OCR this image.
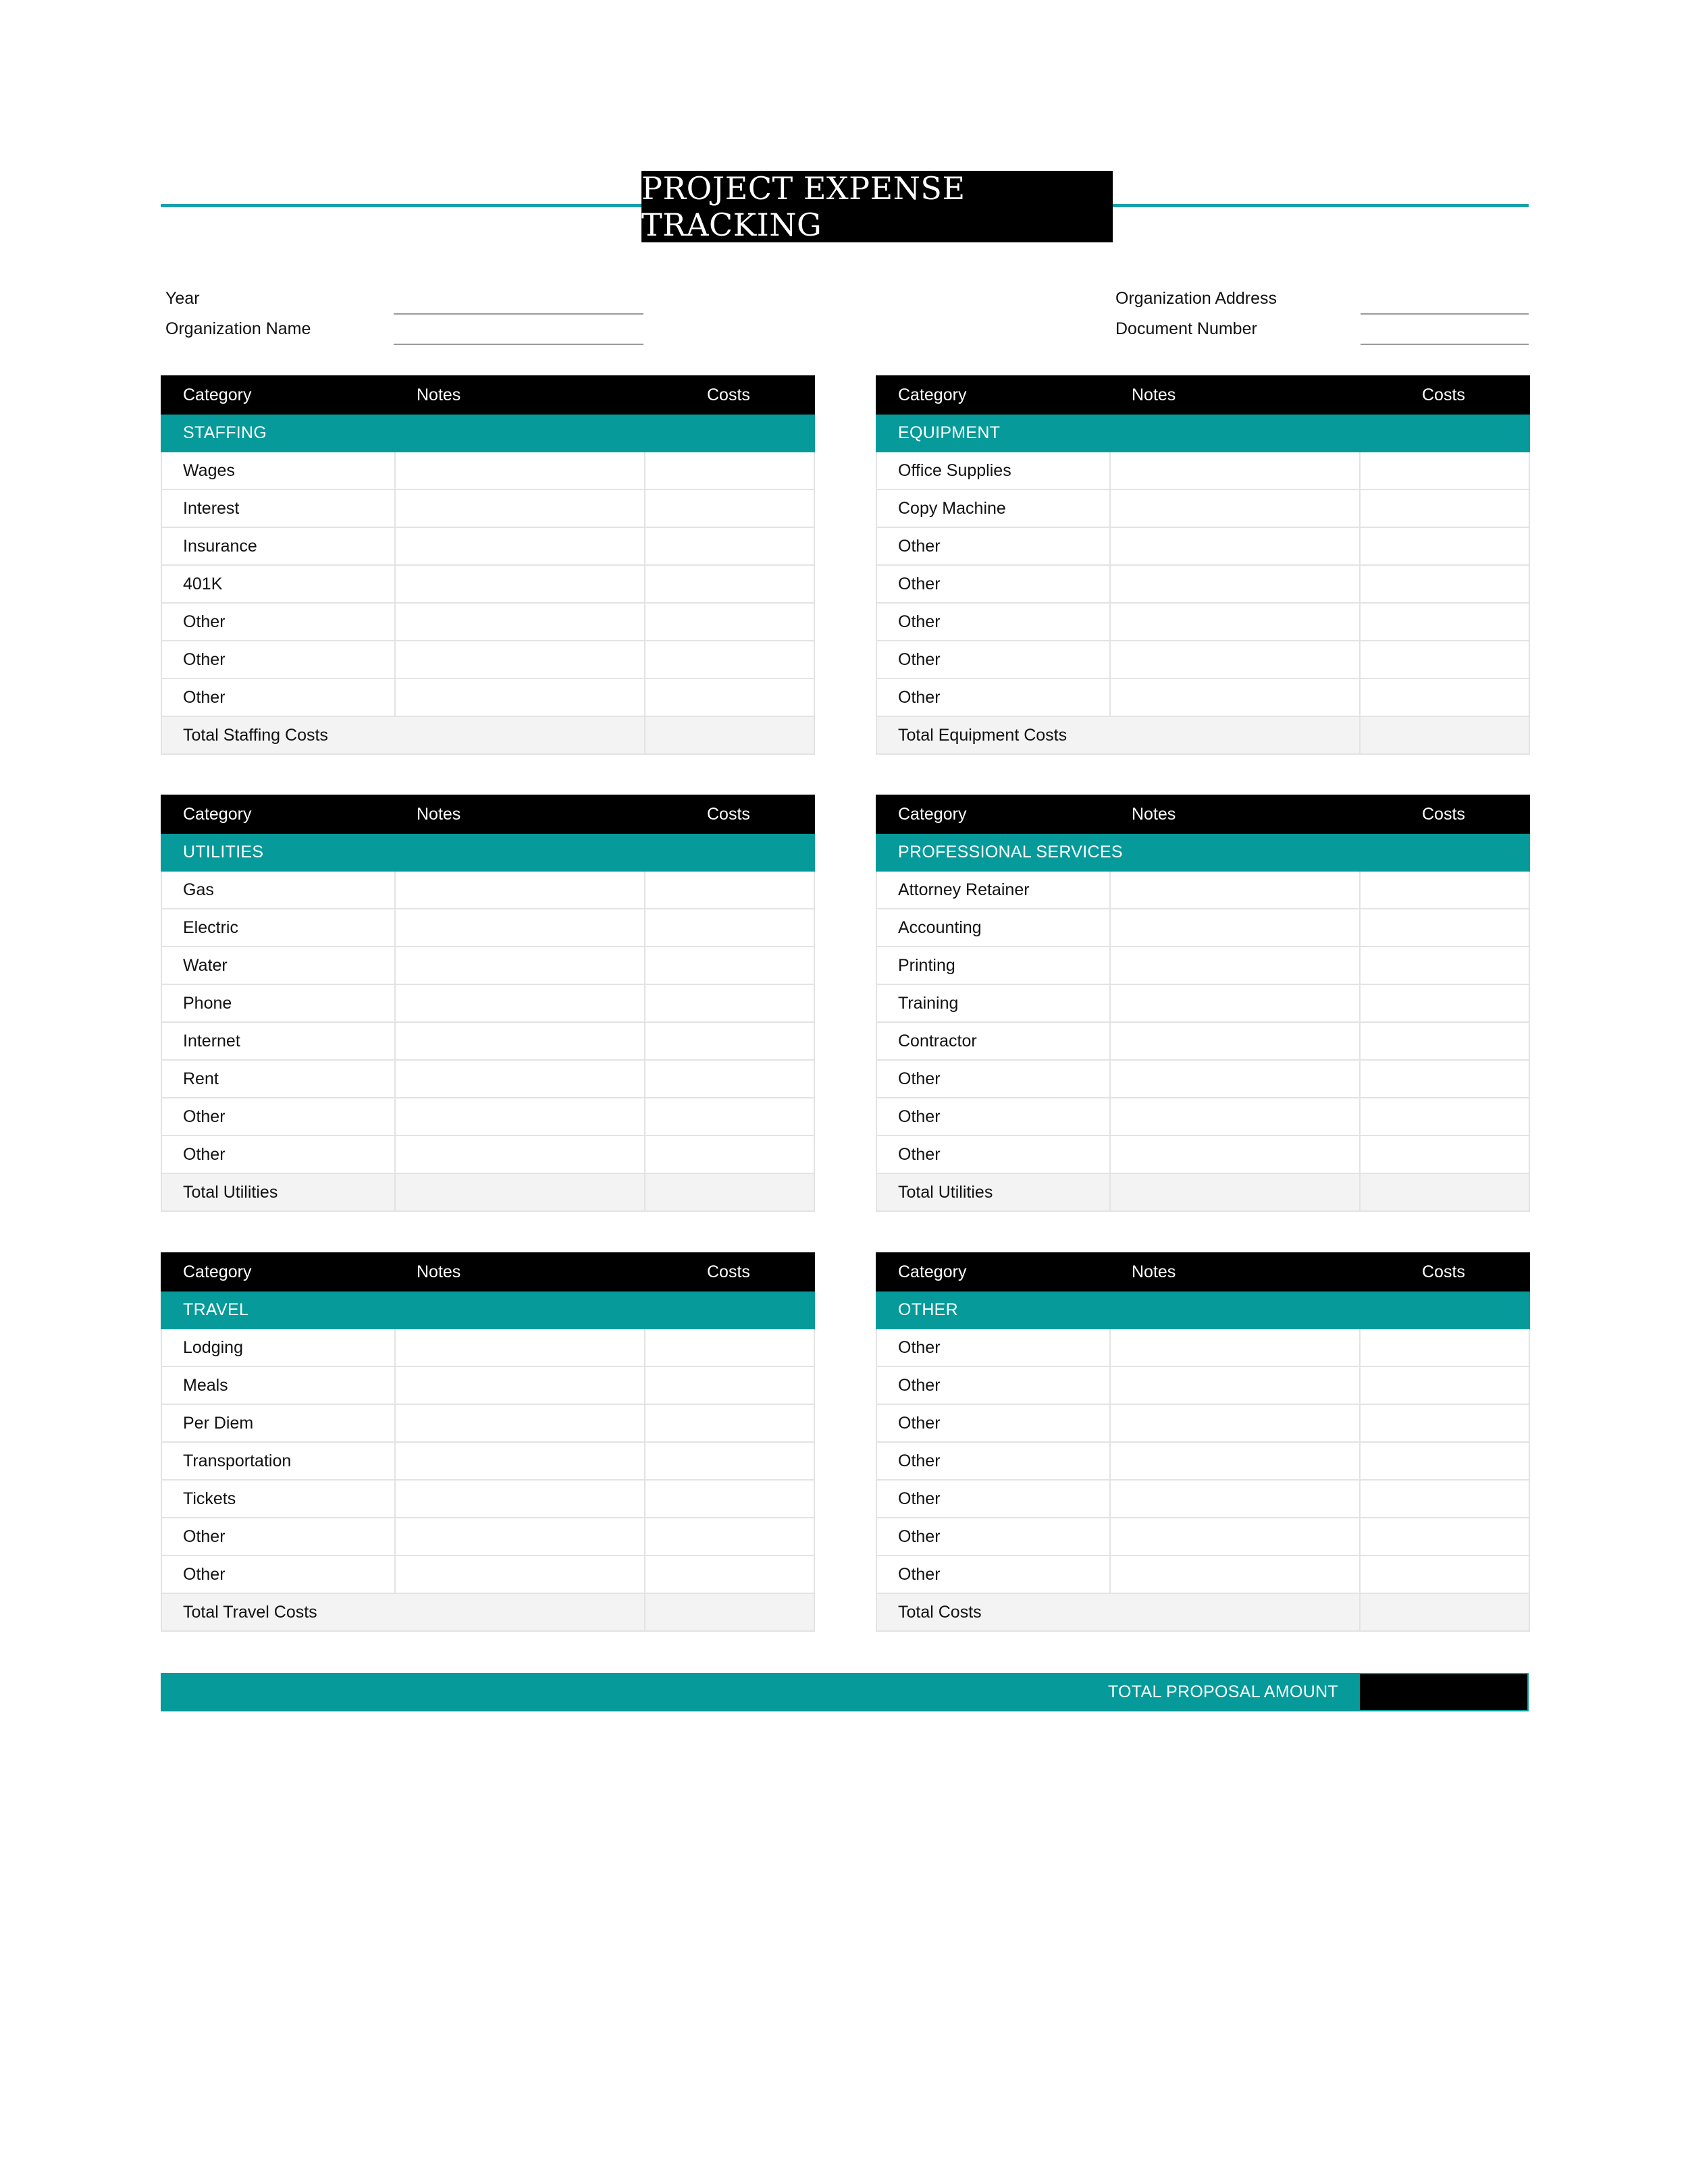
PROJECT EXPENSE TRACKING
Year
Organization Name
Organization Address
Document Number
Category	Notes	Costs
STAFFING		
Wages		
Interest		
Insurance		
401K		
Other		
Other		
Other		
Total Staffing Costs		
Category	Notes	Costs
EQUIPMENT		
Office Supplies		
Copy Machine		
Other		
Other		
Other		
Other		
Other		
Total Equipment Costs		
Category	Notes	Costs
UTILITIES		
Gas		
Electric		
Water		
Phone		
Internet		
Rent		
Other		
Other		
Total Utilities		
Category	Notes	Costs
PROFESSIONAL SERVICES		
Attorney Retainer		
Accounting		
Printing		
Training		
Contractor		
Other		
Other		
Other		
Total Utilities		
Category	Notes	Costs
TRAVEL		
Lodging		
Meals		
Per Diem		
Transportation		
Tickets		
Other		
Other		
Total Travel Costs		
Category	Notes	Costs
OTHER		
Other		
Other		
Other		
Other		
Other		
Other		
Other		
Total Costs		
TOTAL PROPOSAL AMOUNT
